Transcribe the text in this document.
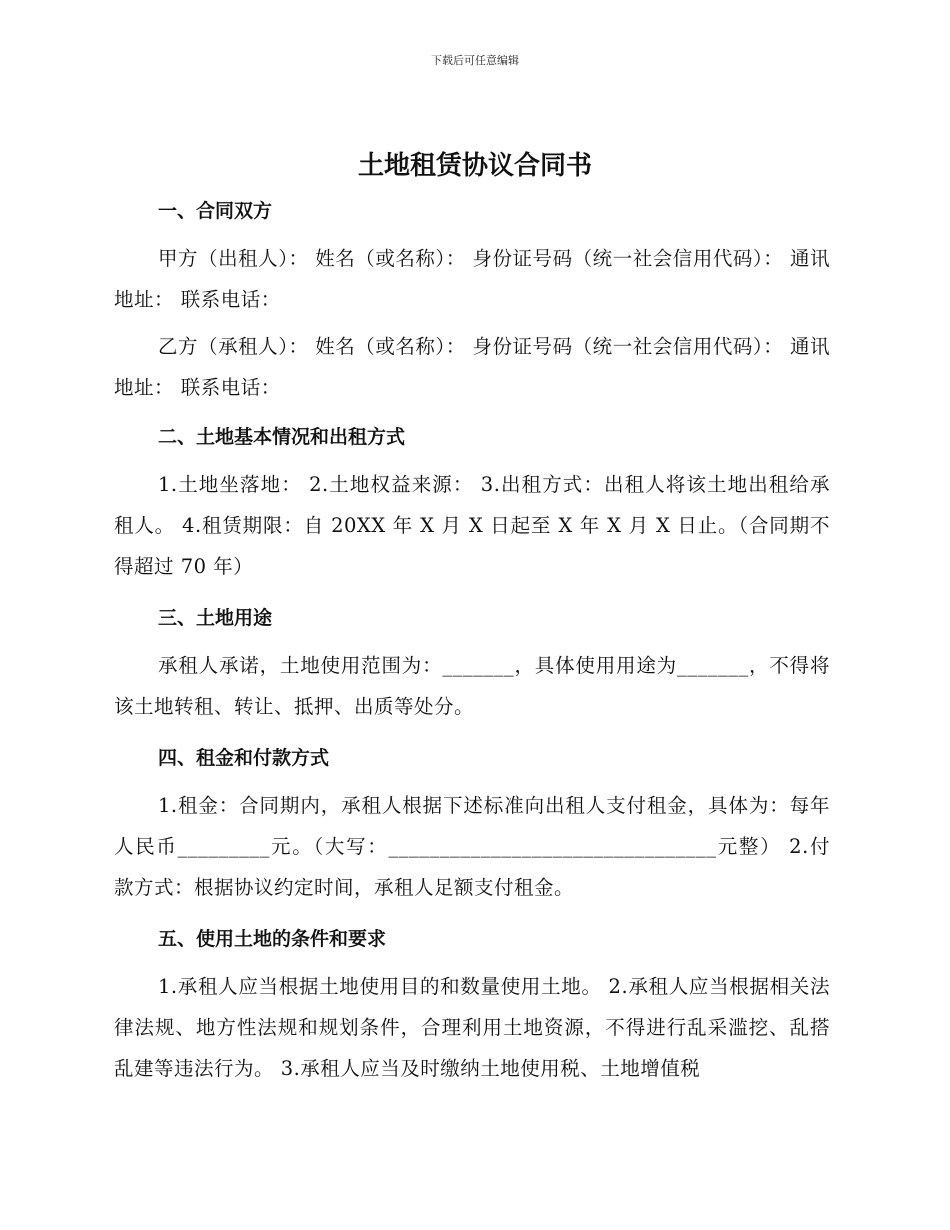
下载后可任意编辑
土地租赁协议合同书
一、合同双方

甲方（出租人）： 姓名（或名称）： 身份证号码（统一社会信用代码）： 通讯地址： 联系电话：

乙方（承租人）： 姓名（或名称）： 身份证号码（统一社会信用代码）： 通讯地址： 联系电话：

二、土地基本情况和出租方式

1.土地坐落地： 2.土地权益来源： 3.出租方式：出租人将该土地出租给承租人。 4.租赁期限：自 20XX 年 X 月 X 日起至 X 年 X 月 X 日止。（合同期不得超过 70 年）

三、土地用途

承租人承诺，土地使用范围为：_______，具体使用用途为_______，不得将该土地转租、转让、抵押、出质等处分。

四、租金和付款方式

1.租金：合同期内，承租人根据下述标准向出租人支付租金，具体为：每年人民币_________元。（大写：________________________________元整） 2.付款方式：根据协议约定时间，承租人足额支付租金。

五、使用土地的条件和要求

1.承租人应当根据土地使用目的和数量使用土地。 2.承租人应当根据相关法律法规、地方性法规和规划条件，合理利用土地资源，不得进行乱采滥挖、乱搭乱建等违法行为。 3.承租人应当及时缴纳土地使用税、土地增值税
